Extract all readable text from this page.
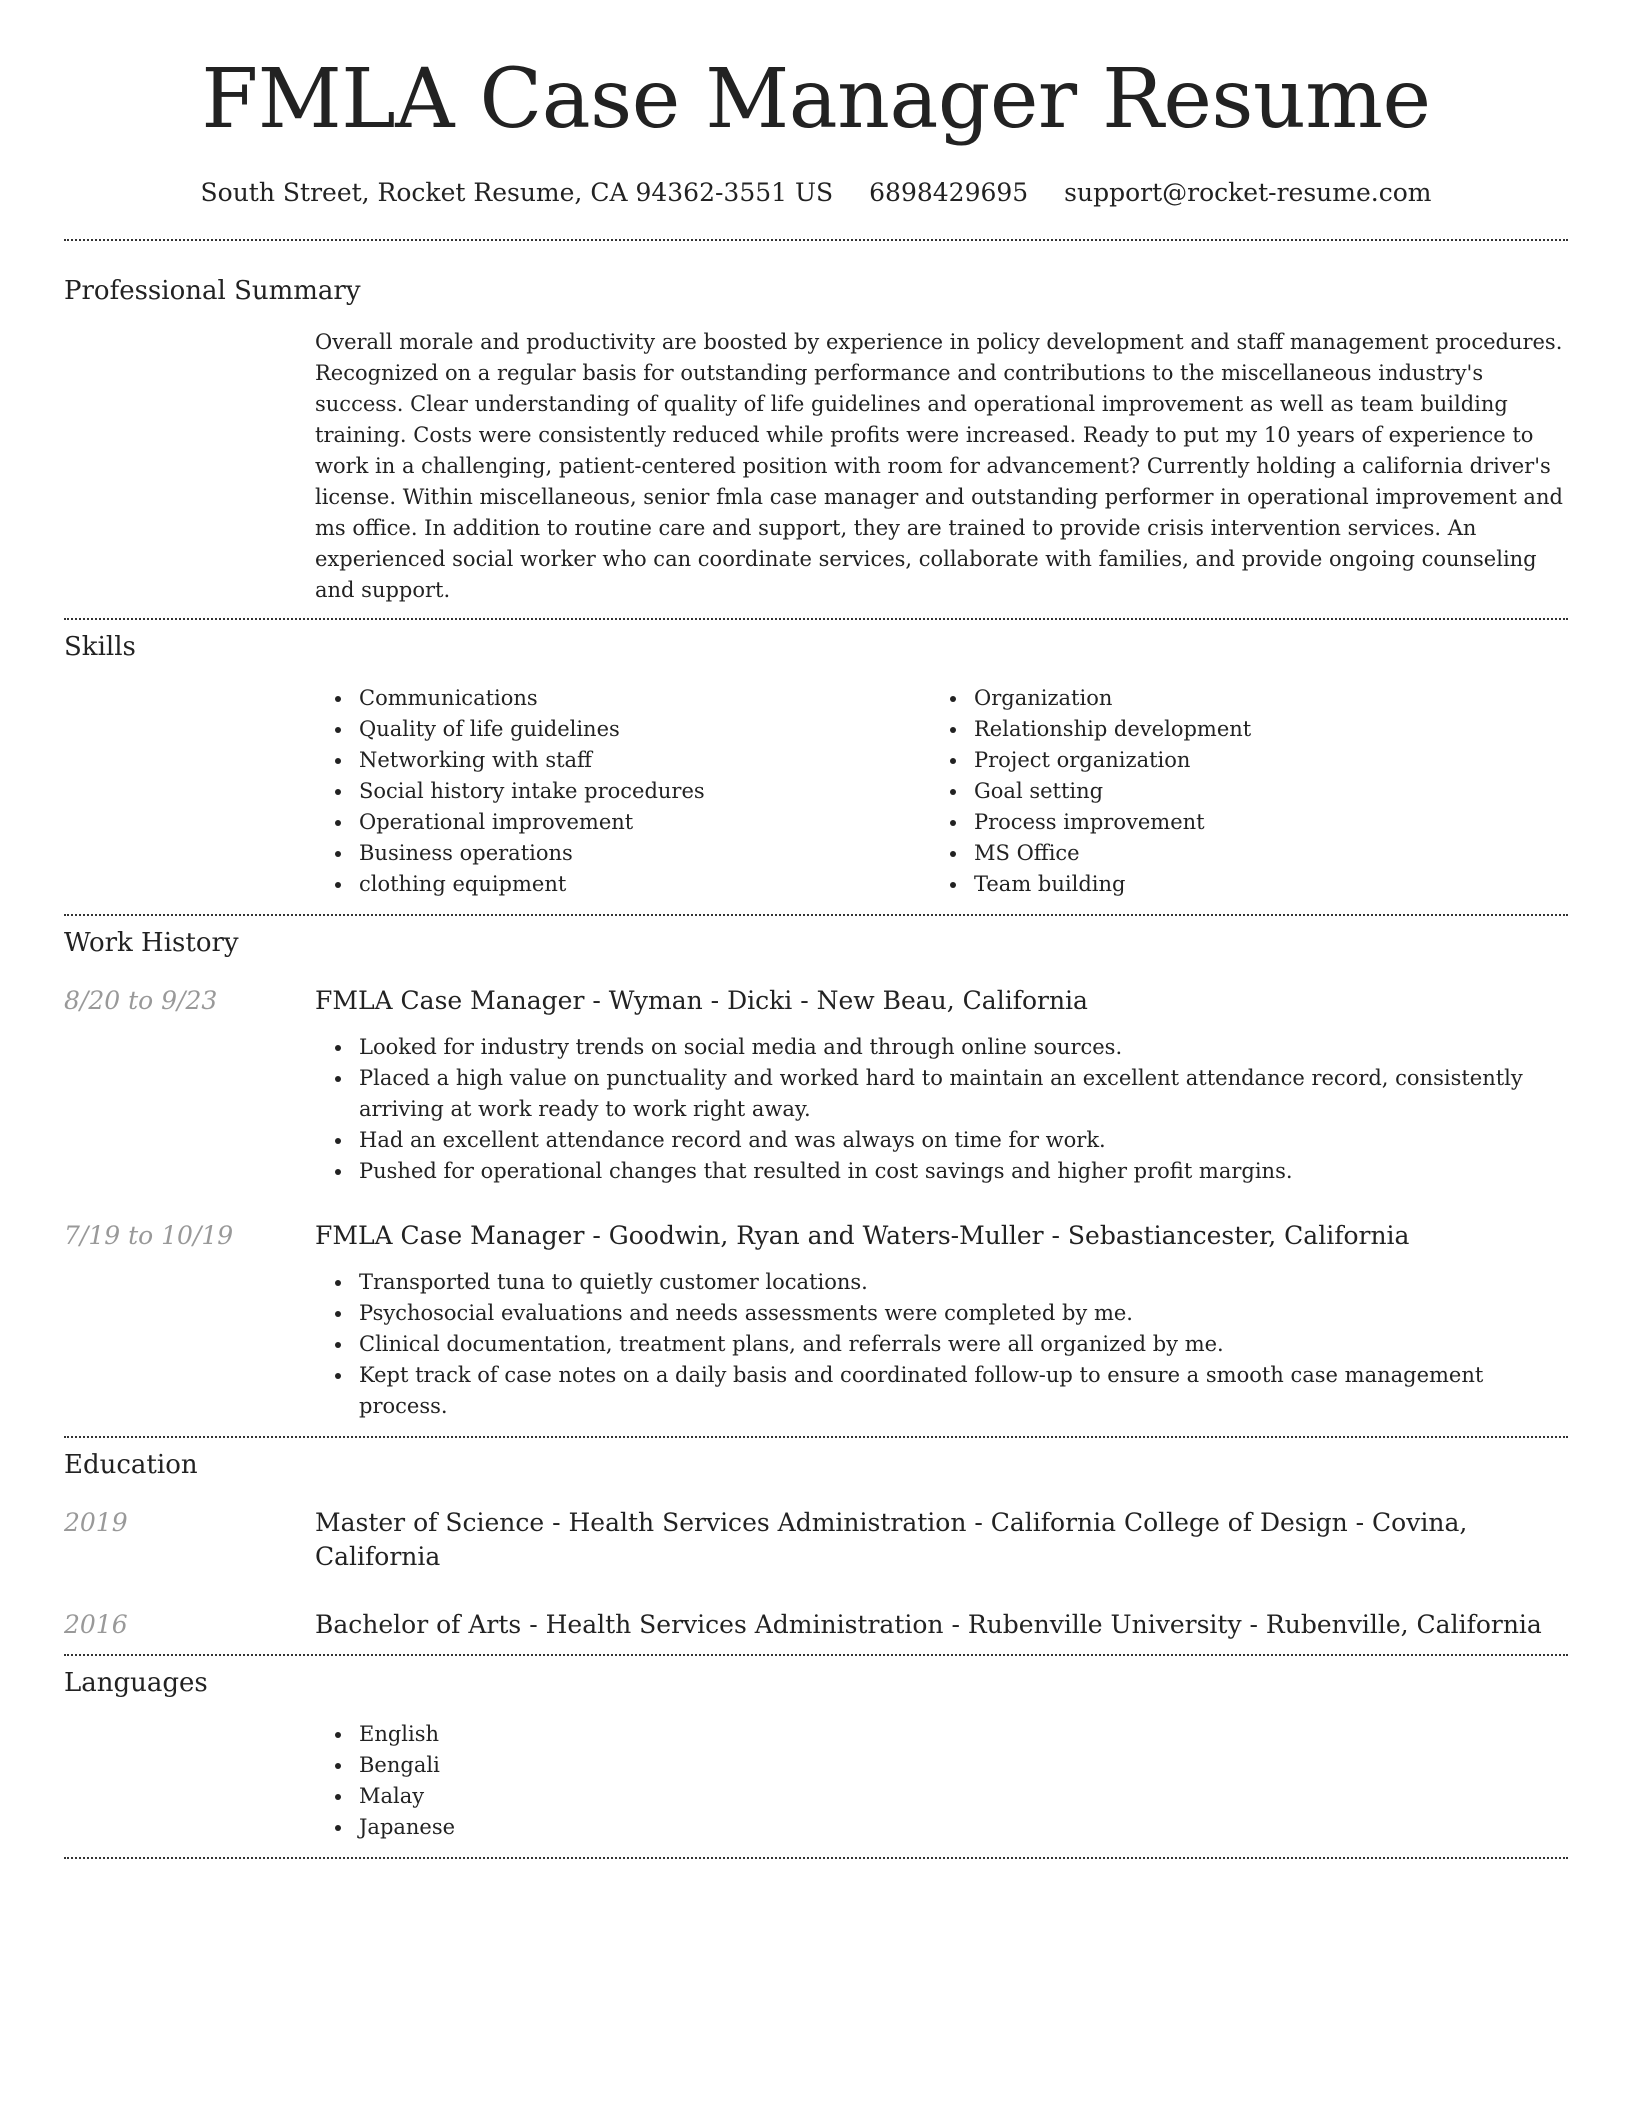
FMLA Case Manager Resume
South Street, Rocket Resume, CA 94362-3551 US 6898429695 support@rocket-resume.com
Professional Summary

Overall morale and productivity are boosted by experience in policy development and staff management procedures. Recognized on a regular basis for outstanding performance and contributions to the miscellaneous industry's success. Clear understanding of quality of life guidelines and operational improvement as well as team building training. Costs were consistently reduced while profits were increased. Ready to put my 10 years of experience to work in a challenging, patient-centered position with room for advancement? Currently holding a california driver's license. Within miscellaneous, senior fmla case manager and outstanding performer in operational improvement and ms office. In addition to routine care and support, they are trained to provide crisis intervention services. An experienced social worker who can coordinate services, collaborate with families, and provide ongoing counseling and support.

Skills
Communications
Quality of life guidelines
Networking with staff
Social history intake procedures
Operational improvement
Business operations
clothing equipment
Organization
Relationship development
Project organization
Goal setting
Process improvement
MS Office
Team building
Work History
8/20 to 9/23	FMLA Case Manager - Wyman - Dicki - New Beau, California
Looked for industry trends on social media and through online sources.
Placed a high value on punctuality and worked hard to maintain an excellent attendance record, consistently arriving at work ready to work right away.
Had an excellent attendance record and was always on time for work.
Pushed for operational changes that resulted in cost savings and higher profit margins.
7/19 to 10/19	FMLA Case Manager - Goodwin, Ryan and Waters-Muller - Sebastiancester, California
Transported tuna to quietly customer locations.
Psychosocial evaluations and needs assessments were completed by me.
Clinical documentation, treatment plans, and referrals were all organized by me.
Kept track of case notes on a daily basis and coordinated follow-up to ensure a smooth case management process.
Education
2019	Master of Science - Health Services Administration - California College of Design - Covina, California
2016	Bachelor of Arts - Health Services Administration - Rubenville University - Rubenville, California
Languages
English
Bengali
Malay
Japanese
